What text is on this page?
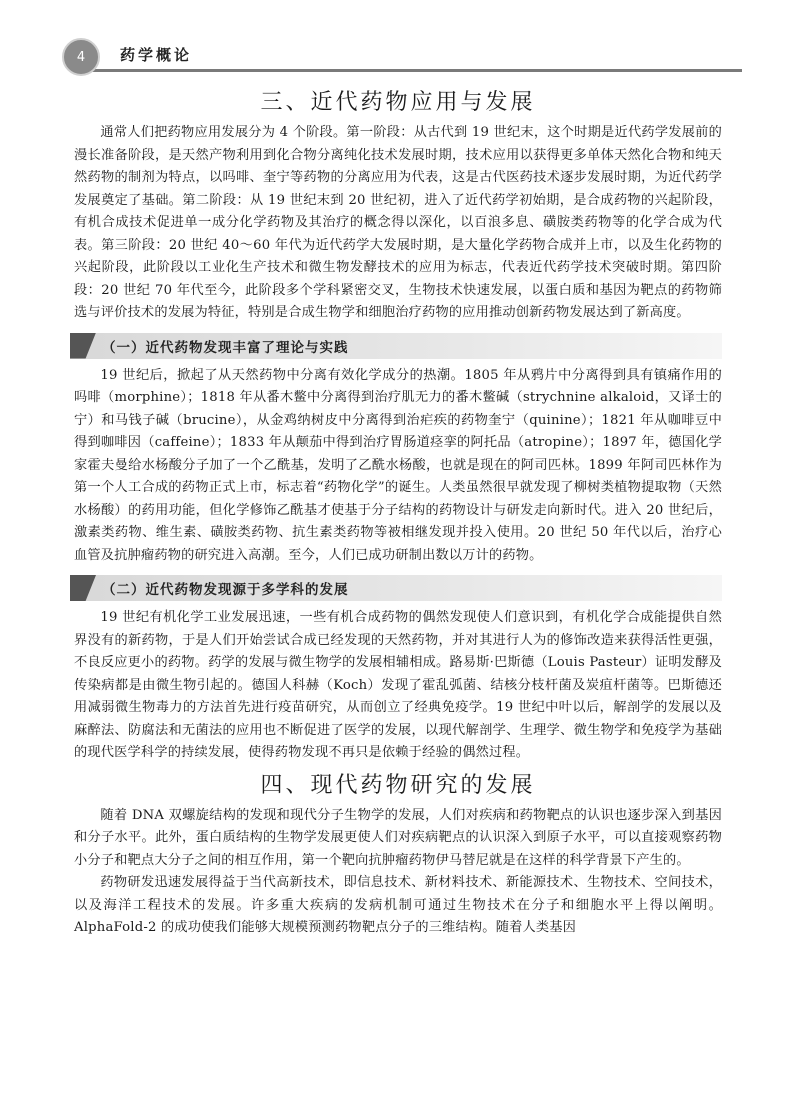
4	药学概论
三、近代药物应用与发展

通常人们把药物应用发展分为 4 个阶段。第一阶段：从古代到 19 世纪末，这个时期是近代药学发展前的漫长准备阶段，是天然产物利用到化合物分离纯化技术发展时期，技术应用以获得更多单体天然化合物和纯天然药物的制剂为特点，以吗啡、奎宁等药物的分离应用为代表，这是古代医药技术逐步发展时期，为近代药学发展奠定了基础。第二阶段：从 19 世纪末到 20 世纪初，进入了近代药学初始期，是合成药物的兴起阶段，有机合成技术促进单一成分化学药物及其治疗的概念得以深化，以百浪多息、磺胺类药物等的化学合成为代表。第三阶段：20 世纪 40～60 年代为近代药学大发展时期，是大量化学药物合成并上市，以及生化药物的兴起阶段，此阶段以工业化生产技术和微生物发酵技术的应用为标志，代表近代药学技术突破时期。第四阶段：20 世纪 70 年代至今，此阶段多个学科紧密交叉，生物技术快速发展，以蛋白质和基因为靶点的药物筛选与评价技术的发展为特征，特别是合成生物学和细胞治疗药物的应用推动创新药物发展达到了新高度。

（一）近代药物发现丰富了理论与实践

19 世纪后，掀起了从天然药物中分离有效化学成分的热潮。1805 年从鸦片中分离得到具有镇痛作用的吗啡（morphine）；1818 年从番木鳖中分离得到治疗肌无力的番木鳖碱（strychnine alkaloid，又译士的宁）和马钱子碱（brucine），从金鸡纳树皮中分离得到治疟疾的药物奎宁（quinine）；1821 年从咖啡豆中得到咖啡因（caffeine）；1833 年从颠茄中得到治疗胃肠道痉挛的阿托品（atropine）；1897 年，德国化学家霍夫曼给水杨酸分子加了一个乙酰基，发明了乙酰水杨酸，也就是现在的阿司匹林。1899 年阿司匹林作为第一个人工合成的药物正式上市，标志着“药物化学”的诞生。人类虽然很早就发现了柳树类植物提取物（天然水杨酸）的药用功能，但化学修饰乙酰基才使基于分子结构的药物设计与研发走向新时代。进入 20 世纪后，激素类药物、维生素、磺胺类药物、抗生素类药物等被相继发现并投入使用。20 世纪 50 年代以后，治疗心血管及抗肿瘤药物的研究进入高潮。至今，人们已成功研制出数以万计的药物。

（二）近代药物发现源于多学科的发展

19 世纪有机化学工业发展迅速，一些有机合成药物的偶然发现使人们意识到，有机化学合成能提供自然界没有的新药物，于是人们开始尝试合成已经发现的天然药物，并对其进行人为的修饰改造来获得活性更强，不良反应更小的药物。药学的发展与微生物学的发展相辅相成。路易斯·巴斯德（Louis Pasteur）证明发酵及传染病都是由微生物引起的。德国人科赫（Koch）发现了霍乱弧菌、结核分枝杆菌及炭疽杆菌等。巴斯德还用减弱微生物毒力的方法首先进行疫苗研究，从而创立了经典免疫学。19 世纪中叶以后，解剖学的发展以及麻醉法、防腐法和无菌法的应用也不断促进了医学的发展，以现代解剖学、生理学、微生物学和免疫学为基础的现代医学科学的持续发展，使得药物发现不再只是依赖于经验的偶然过程。

四、现代药物研究的发展

随着 DNA 双螺旋结构的发现和现代分子生物学的发展，人们对疾病和药物靶点的认识也逐步深入到基因和分子水平。此外，蛋白质结构的生物学发展更使人们对疾病靶点的认识深入到原子水平，可以直接观察药物小分子和靶点大分子之间的相互作用，第一个靶向抗肿瘤药物伊马替尼就是在这样的科学背景下产生的。

药物研发迅速发展得益于当代高新技术，即信息技术、新材料技术、新能源技术、生物技术、空间技术，以及海洋工程技术的发展。许多重大疾病的发病机制可通过生物技术在分子和细胞水平上得以阐明。AlphaFold-2 的成功使我们能够大规模预测药物靶点分子的三维结构。随着人类基因
